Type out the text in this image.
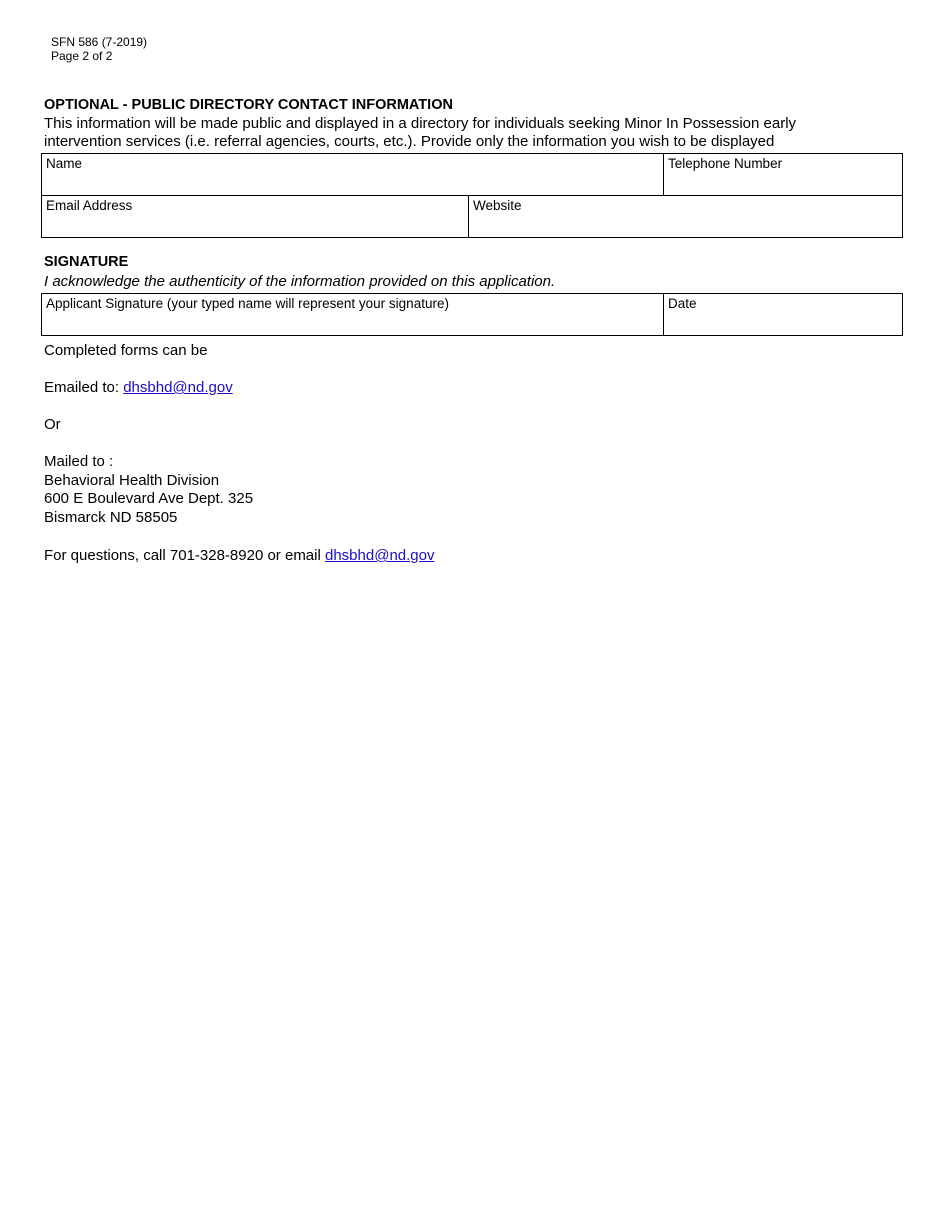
SFN 586 (7-2019)
Page 2 of 2
OPTIONAL - PUBLIC DIRECTORY CONTACT INFORMATION
This information will be made public and displayed in a directory for individuals seeking Minor In Possession early
intervention services (i.e. referral agencies, courts, etc.). Provide only the information you wish to be displayed
Name		Telephone Number

Email Address	Website	
SIGNATURE
I acknowledge the authenticity of the information provided on this application.
Applicant Signature (your typed name will represent your signature)	Date
Completed forms can be
Emailed to: dhsbhd@nd.gov
Or
Mailed to :
Behavioral Health Division
600 E Boulevard Ave Dept. 325
Bismarck ND 58505
For questions, call 701-328-8920 or email dhsbhd@nd.gov
